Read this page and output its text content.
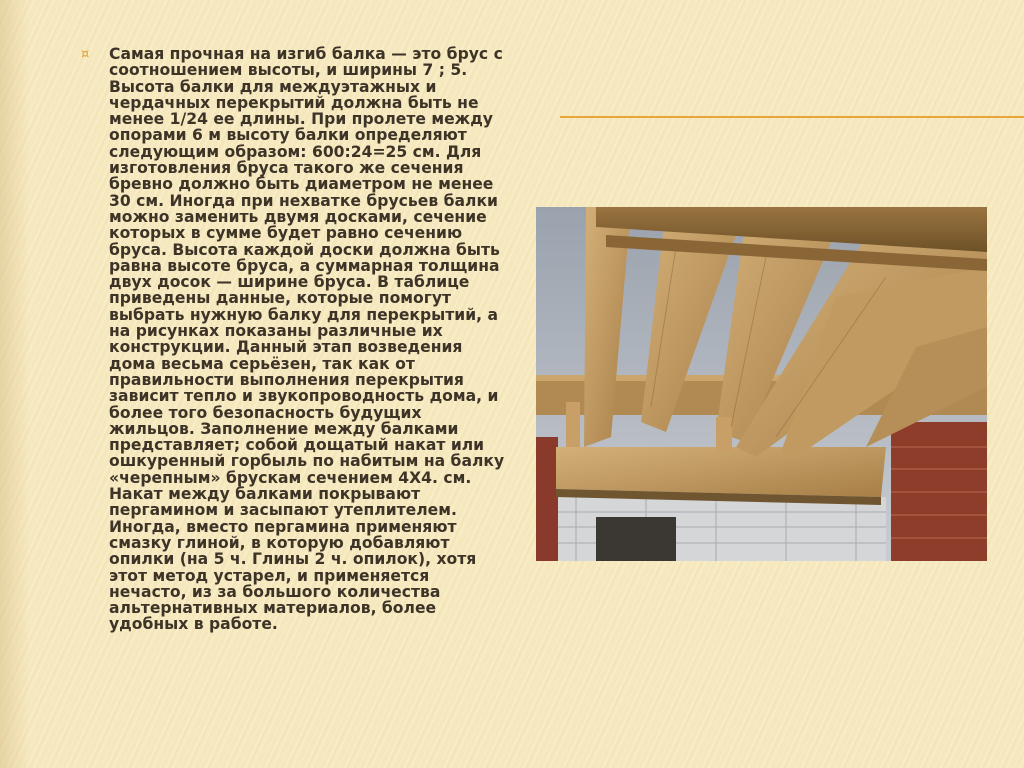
¤ Самая прочная на изгиб балка — это брус с соотношением высоты, и ширины 7 ; 5. Высота балки для междуэтажных и чердачных перекрытий должна быть не менее 1/24 ее длины. При пролете между опорами 6 м высоту балки определяют следующим образом: 600:24=25 см. Для изготовления бруса такого же сечения бревно должно быть диаметром не менее 30 см. Иногда при нехватке брусьев балки можно заменить двумя досками, сечение которых в сумме будет равно сечению бруса. Высота каждой доски должна быть равна высоте бруса, а суммарная толщина двух досок — ширине бруса. В таблице приведены данные, которые помогут выбрать нужную балку для перекрытий, а на рисунках показаны различные их конструкции. Данный этап возведения дома весьма серьёзен, так как от правильности выполнения перекрытия зависит тепло и звукопроводность дома, и более того безопасность будущих жильцов. Заполнение между балками представляет; собой дощатый накат или ошкуренный горбыль по набитым на балку «черепным» брускам сечением 4Х4. см. Накат между балками покрывают пергамином и засыпают утеплителем. Иногда, вместо пергамина применяют смазку глиной, в которую добавляют опилки (на 5 ч. Глины 2 ч. опилок), хотя этот метод устарел, и применяется нечасто, из за большого количества альтернативных материалов, более удобных в работе.
